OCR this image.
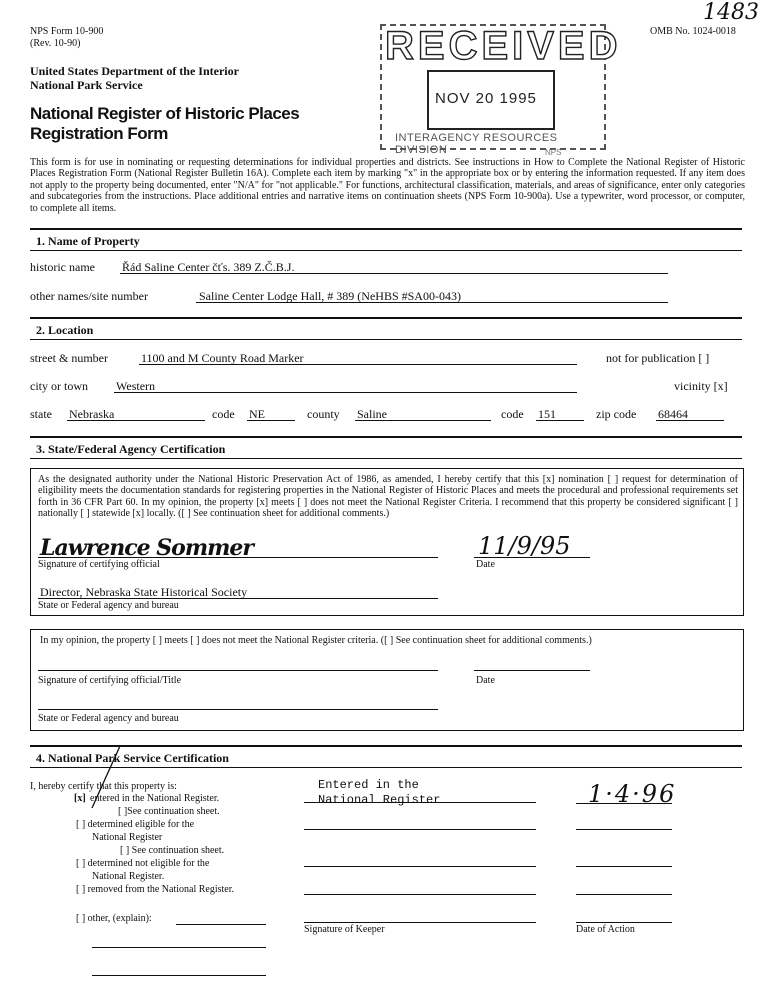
NPS Form 10-900
(Rev. 10-90)
OMB No. 1024-0018
1483
United States Department of the Interior
National Park Service
National Register of Historic Places
Registration Form
RECEIVED
NOV 20 1995
INTERAGENCY RESOURCES DIVISION	NPS
This form is for use in nominating or requesting determinations for individual properties and districts. See instructions in How to Complete the National Register of Historic Places Registration Form (National Register Bulletin 16A). Complete each item by marking "x" in the appropriate box or by entering the information requested. If any item does not apply to the property being documented, enter "N/A" for "not applicable." For functions, architectural classification, materials, and areas of significance, enter only categories and subcategories from the instructions. Place additional entries and narrative items on continuation sheets (NPS Form 10-900a). Use a typewriter, word processor, or computer, to complete all items.
1. Name of Property
historic name Řád Saline Center čťs. 389 Z.Č.B.J.
other names/site number	Saline Center Lodge Hall, # 389 (NeHBS #SA00-043)
2. Location
street & number	1100 and M County Road Marker	not for publication [ ]
city or town Western	vicinity [x]
state Nebraska	code NE	county Saline	code 151	zip code 68464
3. State/Federal Agency Certification
As the designated authority under the National Historic Preservation Act of 1986, as amended, I hereby certify that this [x] nomination [ ] request for determination of eligibility meets the documentation standards for registering properties in the National Register of Historic Places and meets the procedural and professional requirements set forth in 36 CFR Part 60. In my opinion, the property [x] meets [ ] does not meet the National Register Criteria. I recommend that this property be considered significant [ ] nationally [ ] statewide [x] locally. ([ ] See continuation sheet for additional comments.)
Lawrence Sommer
Signature of certifying official
11/9/95
Date
Director, Nebraska State Historical Society
State or Federal agency and bureau
In my opinion, the property [ ] meets [ ] does not meet the National Register criteria. ([ ] See continuation sheet for additional comments.)
Signature of certifying official/Title	Date
State or Federal agency and bureau
4. National Park Service Certification
I, hereby certify that this property is:
[x] entered in the National Register.
[ ]See continuation sheet.
[ ] determined eligible for the
National Register
[ ] See continuation sheet.
[ ] determined not eligible for the
National Register.
[ ] removed from the National Register.
[ ] other, (explain):
Entered in the
National Register
Signature of Keeper
1·4·96
Date of Action
